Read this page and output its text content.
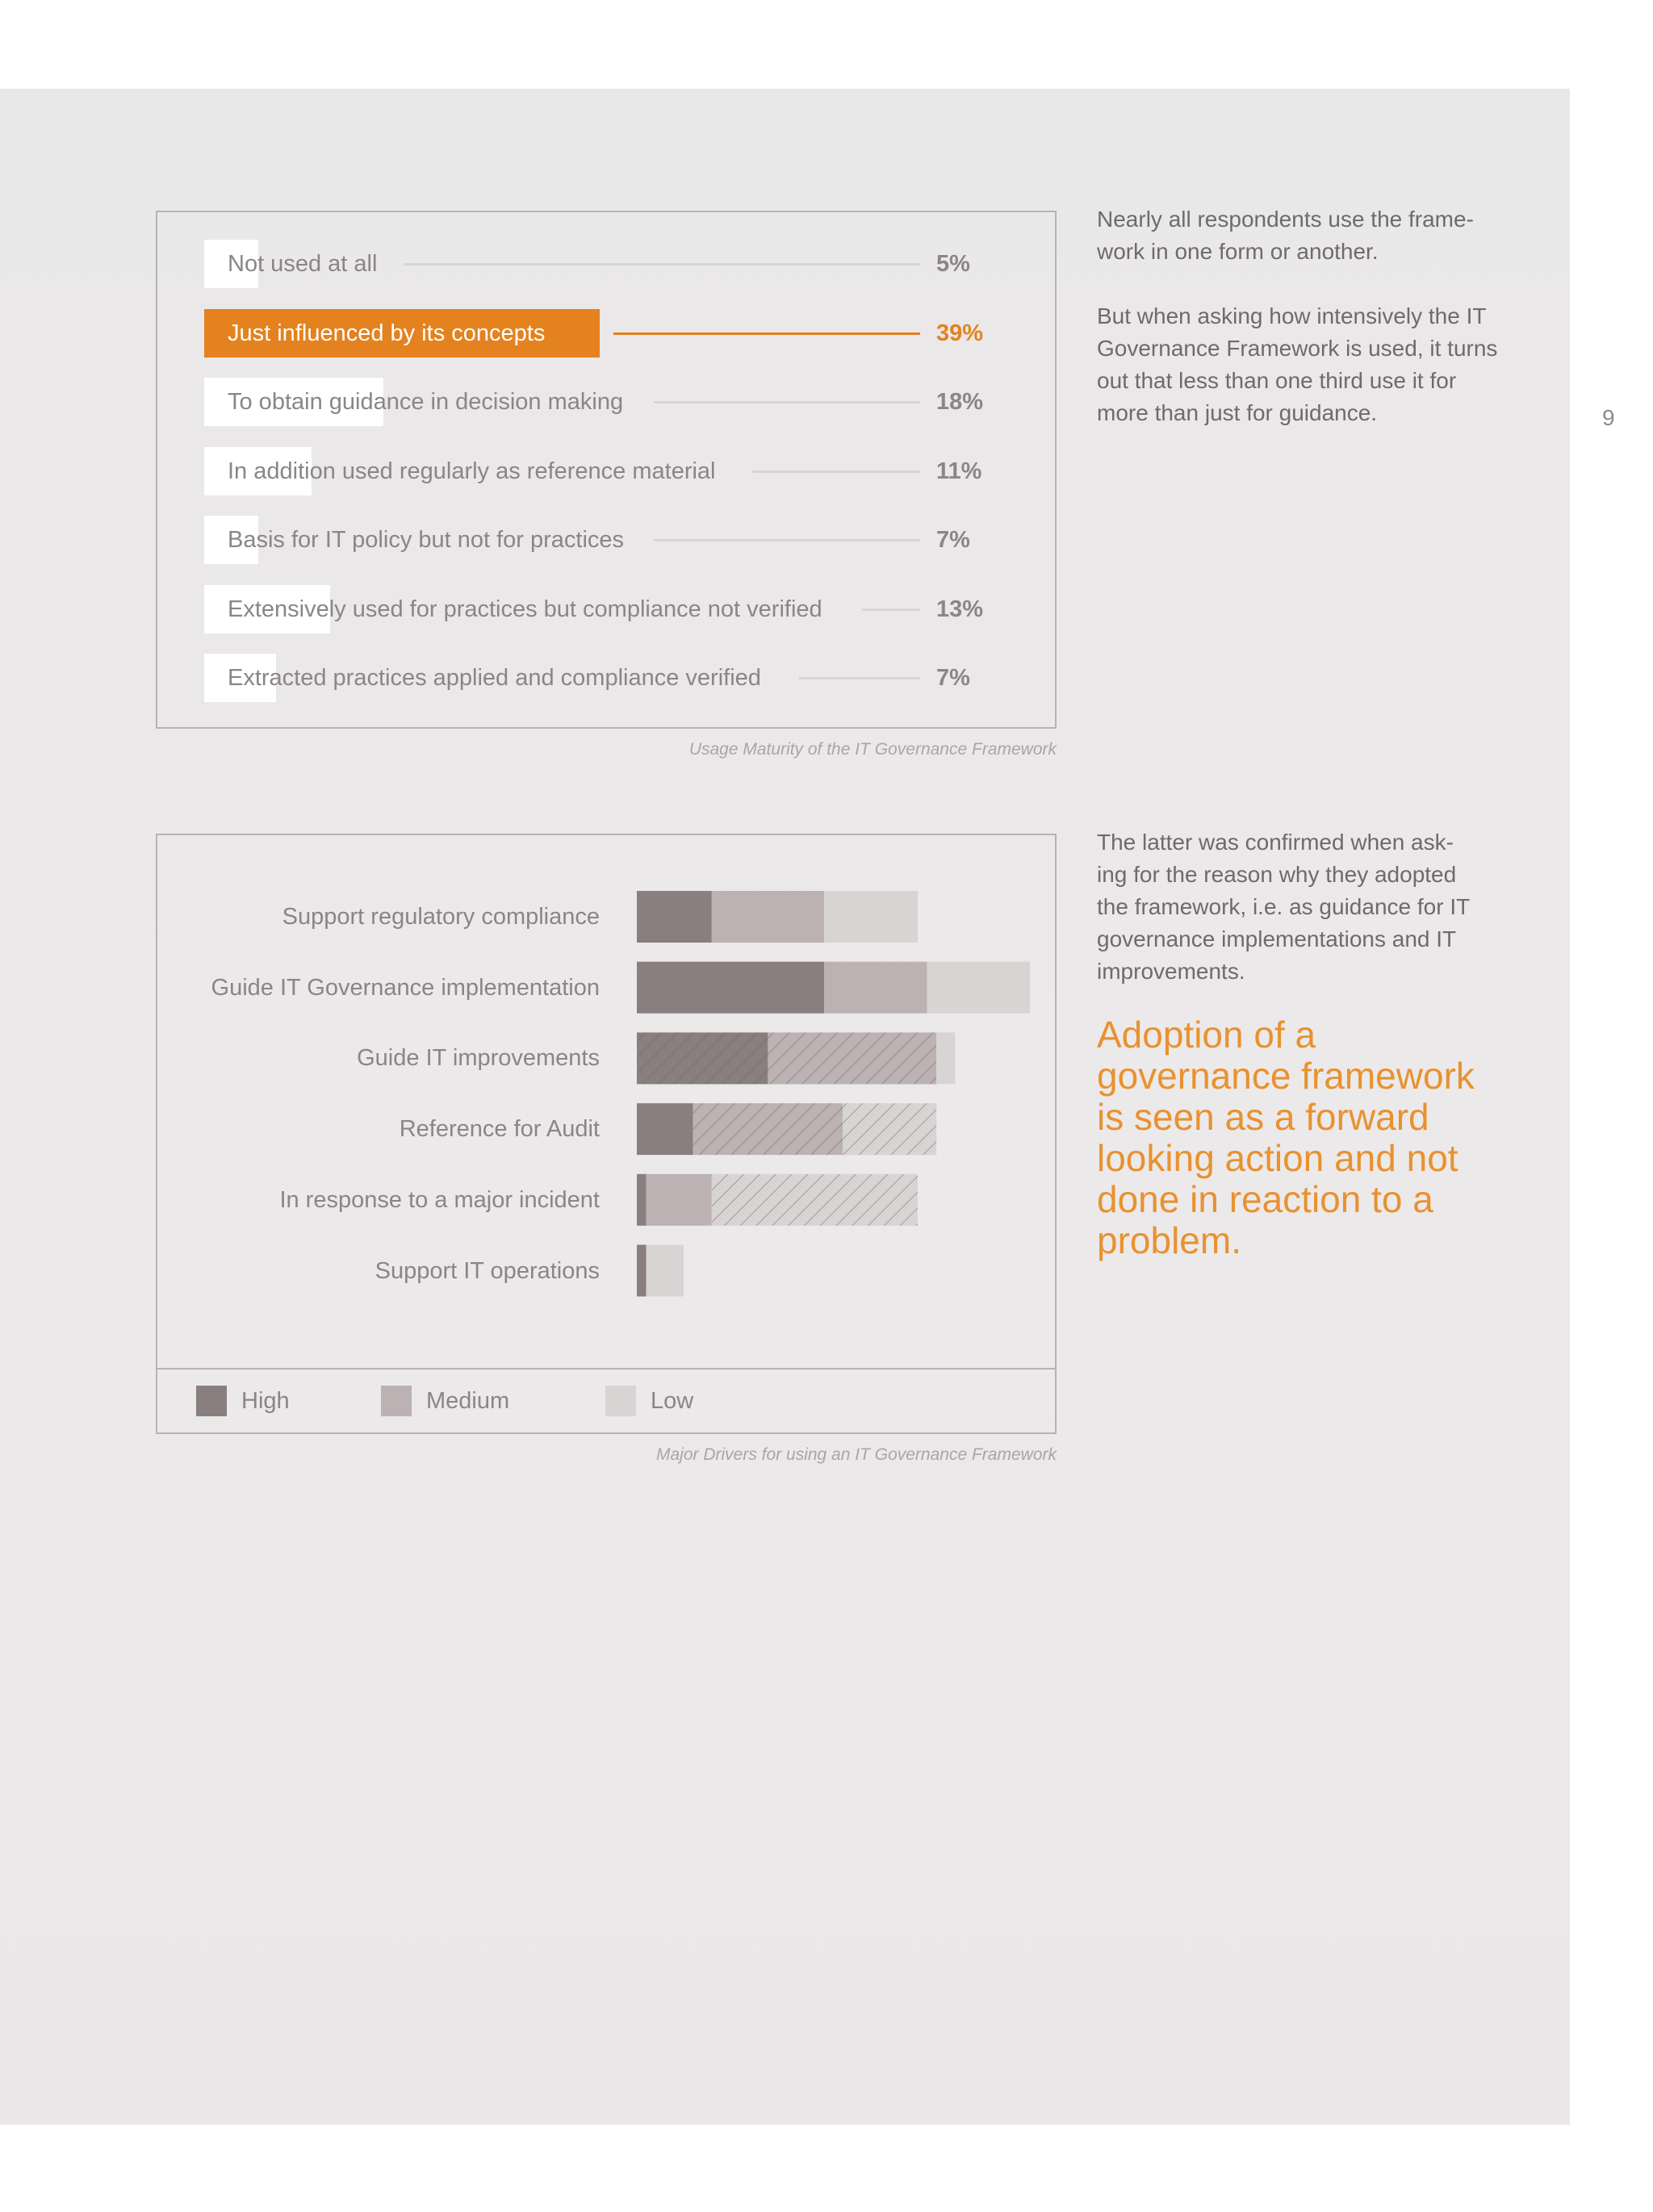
9
Not used at all	5%
Just influenced by its concepts	39%
To obtain guidance in decision making	18%
In addition used regularly as reference material	11%
Basis for IT policy but not for practices	7%
Extensively used for practices but compliance not verified	13%
Extracted practices applied and compliance verified	7%
Usage Maturity of the IT Governance Framework
Support regulatory compliance
Guide IT Governance implementation
Guide IT improvements
Reference for Audit
In response to a major incident
Support IT operations
High	Medium	Low
Major Drivers for using an IT Governance Framework

Nearly all respondents use the frame-
work in one form or another.

But when asking how intensively the IT
Governance Framework is used, it turns
out that less than one third use it for
more than just for guidance.

The latter was confirmed when ask-
ing for the reason why they adopted
the framework, i.e. as guidance for IT
governance implementations and IT
improvements.

Adoption of a
governance framework
is seen as a forward
looking action and not
done in reaction to a
problem.
